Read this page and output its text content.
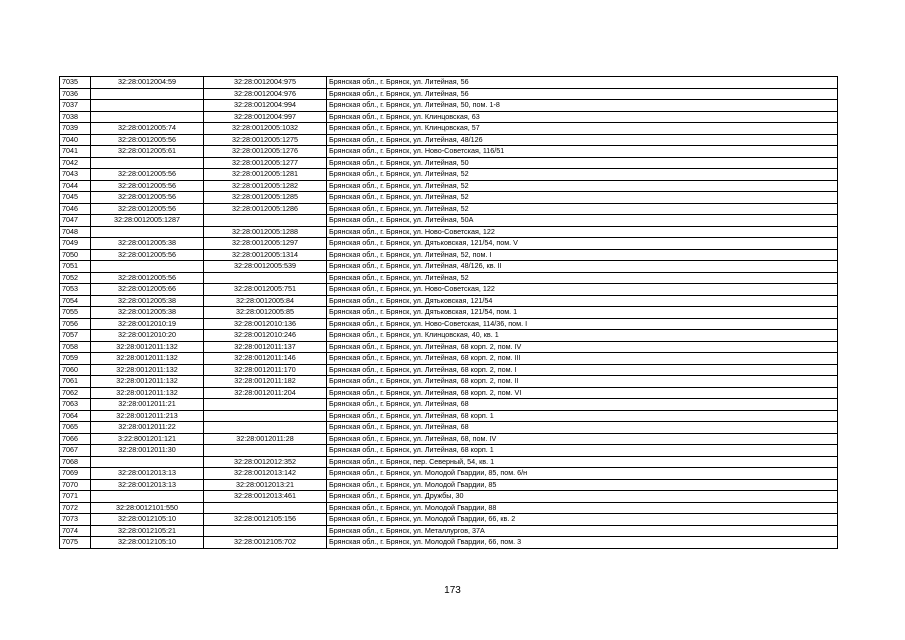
7035	32:28:0012004:59	32:28:0012004:975	Брянская обл., г. Брянск, ул. Литейная, 56
7036		32:28:0012004:976	Брянская обл., г. Брянск, ул. Литейная, 56
7037		32:28:0012004:994	Брянская обл., г. Брянск, ул. Литейная, 50, пом. 1-8
7038		32:28:0012004:997	Брянская обл., г. Брянск, ул. Клинцовская, 63
7039	32:28:0012005:74	32:28:0012005:1032	Брянская обл., г. Брянск, ул. Клинцовская, 57
7040	32:28:0012005:56	32:28:0012005:1275	Брянская обл., г. Брянск, ул. Литейная, 48/126
7041	32:28:0012005:61	32:28:0012005:1276	Брянская обл., г. Брянск, ул. Ново-Советская, 116/51
7042		32:28:0012005:1277	Брянская обл., г. Брянск, ул. Литейная, 50
7043	32:28:0012005:56	32:28:0012005:1281	Брянская обл., г. Брянск, ул. Литейная, 52
7044	32:28:0012005:56	32:28:0012005:1282	Брянская обл., г. Брянск, ул. Литейная, 52
7045	32:28:0012005:56	32:28:0012005:1285	Брянская обл., г. Брянск, ул. Литейная, 52
7046	32:28:0012005:56	32:28:0012005:1286	Брянская обл., г. Брянск, ул. Литейная, 52
7047	32:28:0012005:1287		Брянская обл., г. Брянск, ул. Литейная, 50А
7048		32:28:0012005:1288	Брянская обл., г. Брянск, ул. Ново-Советская, 122
7049	32:28:0012005:38	32:28:0012005:1297	Брянская обл., г. Брянск, ул. Дятьковская, 121/54, пом. V
7050	32:28:0012005:56	32:28:0012005:1314	Брянская обл., г. Брянск, ул. Литейная, 52, пом. I
7051		32:28:0012005:539	Брянская обл., г. Брянск, ул. Литейная, 48/126, кв. II
7052	32:28:0012005:56		Брянская обл., г. Брянск, ул. Литейная, 52
7053	32:28:0012005:66	32:28:0012005:751	Брянская обл., г. Брянск, ул. Ново-Советская, 122
7054	32:28:0012005:38	32:28:0012005:84	Брянская обл., г. Брянск, ул. Дятьковская, 121/54
7055	32:28:0012005:38	32:28:0012005:85	Брянская обл., г. Брянск, ул. Дятьковская, 121/54, пом. 1
7056	32:28:0012010:19	32:28:0012010:136	Брянская обл., г. Брянск, ул. Ново-Советская, 114/36, пом. I
7057	32:28:0012010:20	32:28:0012010:246	Брянская обл., г. Брянск, ул. Клинцовская, 40, кв. 1
7058	32:28:0012011:132	32:28:0012011:137	Брянская обл., г. Брянск, ул. Литейная, 68 корп. 2, пом. IV
7059	32:28:0012011:132	32:28:0012011:146	Брянская обл., г. Брянск, ул. Литейная, 68 корп. 2, пом. III
7060	32:28:0012011:132	32:28:0012011:170	Брянская обл., г. Брянск, ул. Литейная, 68 корп. 2, пом. I
7061	32:28:0012011:132	32:28:0012011:182	Брянская обл., г. Брянск, ул. Литейная, 68 корп. 2, пом. II
7062	32:28:0012011:132	32:28:0012011:204	Брянская обл., г. Брянск, ул. Литейная, 68 корп. 2, пом. VI
7063	32:28:0012011:21		Брянская обл., г. Брянск, ул. Литейная, 68
7064	32:28:0012011:213		Брянская обл., г. Брянск, ул. Литейная, 68 корп. 1
7065	32:28:0012011:22		Брянская обл., г. Брянск, ул. Литейная, 68
7066	3:22:8001201:121	32:28:0012011:28	Брянская обл., г. Брянск, ул. Литейная, 68, пом. IV
7067	32:28:0012011:30		Брянская обл., г. Брянск, ул. Литейная, 68 корп. 1
7068		32:28:0012012:352	Брянская обл., г. Брянск, пер. Северный, 54, кв. 1
7069	32:28:0012013:13	32:28:0012013:142	Брянская обл., г. Брянск, ул. Молодой Гвардии, 85, пом. 6/н
7070	32:28:0012013:13	32:28:0012013:21	Брянская обл., г. Брянск, ул. Молодой Гвардии, 85
7071		32:28:0012013:461	Брянская обл., г. Брянск, ул. Дружбы, 30
7072	32:28:0012101:550		Брянская обл., г. Брянск, ул. Молодой Гвардии, 88
7073	32:28:0012105:10	32:28:0012105:156	Брянская обл., г. Брянск, ул. Молодой Гвардии, 66, кв. 2
7074	32:28:0012105:21		Брянская обл., г. Брянск, ул. Металлургов, 37А
7075	32:28:0012105:10	32:28:0012105:702	Брянская обл., г. Брянск, ул. Молодой Гвардии, 66, пом. 3
173
